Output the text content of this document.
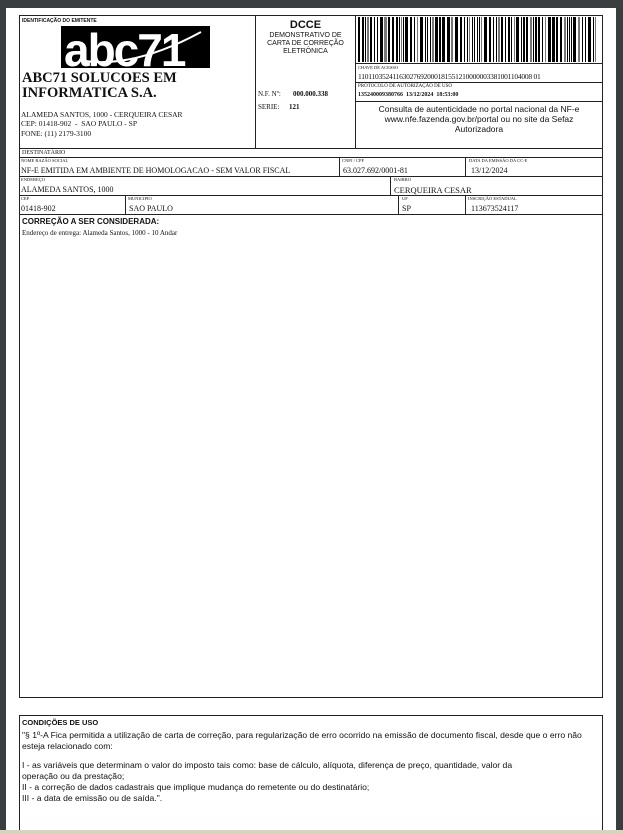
IDENTIFICAÇÃO DO EMITENTE
abc71
ABC71 SOLUCOES EM INFORMATICA S.A.
ALAMEDA SANTOS, 1000 - CERQUEIRA CESAR
CEP: 01418-902  -  SAO PAULO - SP
FONE: (11) 2179-3100
DCCE
DEMONSTRATIVO DE CARTA DE CORREÇÃO ELETRÔNICA
N.F. Nº: 000.000.338
SERIE: 121
CHAVE DE ACESSO
11011035241163027692000181551210000003381001104008 01
PROTOCOLO DE AUTORIZAÇÃO DE USO
135240009380766  13/12/2024  18:53:00
Consulta de autenticidade no portal nacional da NF-e www.nfe.fazenda.gov.br/portal ou no site da Sefaz Autorizadora
DESTINATÁRIO
NOME RAZÃO SOCIAL
NF-E EMITIDA EM AMBIENTE DE HOMOLOGACAO - SEM VALOR FISCAL
CNPJ / CPF
63.027.692/0001-81
DATA DA EMISSÃO DA CC-E
13/12/2024
ENDEREÇO
ALAMEDA SANTOS, 1000
BAIRRO
CERQUEIRA CESAR
CEP
01418-902
MUNICIPIO
SAO PAULO
UF
SP
INSCRIÇÃO ESTADUAL
113673524117
CORREÇÃO A SER CONSIDERADA:
Endereço de entrega: Alameda Santos, 1000 - 10 Andar
CONDIÇÕES DE USO
"§ 1º-A Fica permitida a utilização de carta de correção, para regularização de erro ocorrido na emissão de documento fiscal, desde que o erro não esteja relacionado com:
I - as variáveis que determinam o valor do imposto tais como: base de cálculo, alíquota, diferença de preço, quantidade, valor da operação ou da prestação;
II - a correção de dados cadastrais que implique mudança do remetente ou do destinatário;
III - a data de emissão ou de saída.".
